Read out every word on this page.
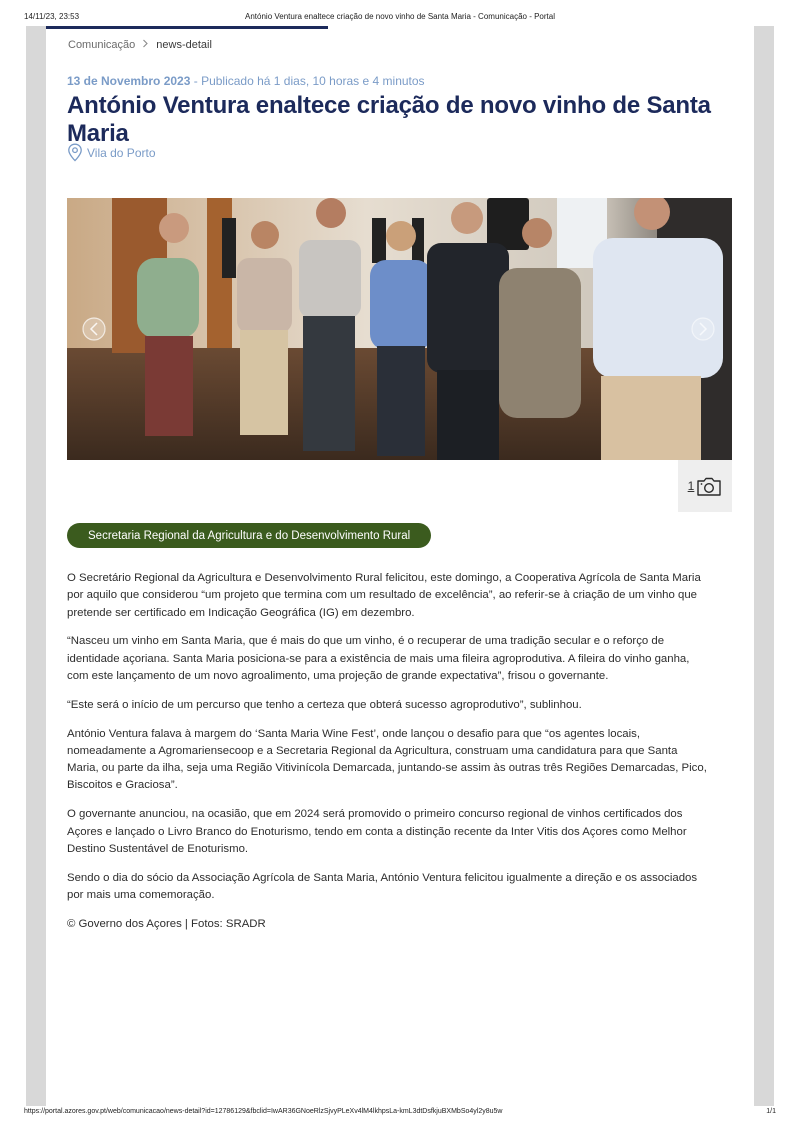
14/11/23, 23:53	António Ventura enaltece criação de novo vinho de Santa Maria - Comunicação - Portal
Comunicação news-detail
13 de Novembro 2023 - Publicado há 1 dias, 10 horas e 4 minutos
António Ventura enaltece criação de novo vinho de Santa Maria
Vila do Porto
1
Secretaria Regional da Agricultura e do Desenvolvimento Rural

O Secretário Regional da Agricultura e Desenvolvimento Rural felicitou, este domingo, a Cooperativa Agrícola de Santa Maria por aquilo que considerou “um projeto que termina com um resultado de excelência”, ao referir-se à criação de um vinho que pretende ser certificado em Indicação Geográfica (IG) em dezembro.

“Nasceu um vinho em Santa Maria, que é mais do que um vinho, é o recuperar de uma tradição secular e o reforço de identidade açoriana. Santa Maria posiciona-se para a existência de mais uma fileira agroprodutiva. A fileira do vinho ganha, com este lançamento de um novo agroalimento, uma projeção de grande expectativa”, frisou o governante.

“Este será o início de um percurso que tenho a certeza que obterá sucesso agroprodutivo”, sublinhou.

António Ventura falava à margem do ‘Santa Maria Wine Fest’, onde lançou o desafio para que “os agentes locais, nomeadamente a Agromariensecoop e a Secretaria Regional da Agricultura, construam uma candidatura para que Santa Maria, ou parte da ilha, seja uma Região Vitivinícola Demarcada, juntando-se assim às outras três Regiões Demarcadas, Pico, Biscoitos e Graciosa”.

O governante anunciou, na ocasião, que em 2024 será promovido o primeiro concurso regional de vinhos certificados dos Açores e lançado o Livro Branco do Enoturismo, tendo em conta a distinção recente da Inter Vitis dos Açores como Melhor Destino Sustentável de Enoturismo.

Sendo o dia do sócio da Associação Agrícola de Santa Maria, António Ventura felicitou igualmente a direção e os associados por mais uma comemoração.

© Governo dos Açores | Fotos: SRADR

https://portal.azores.gov.pt/web/comunicacao/news-detail?id=12786129&fbclid=IwAR36GNoeRlzSjvyPLeXv4lM4lkhpsLa-kmL3dtDsfkjuBXMbSo4yl2y8u5w	1/1
